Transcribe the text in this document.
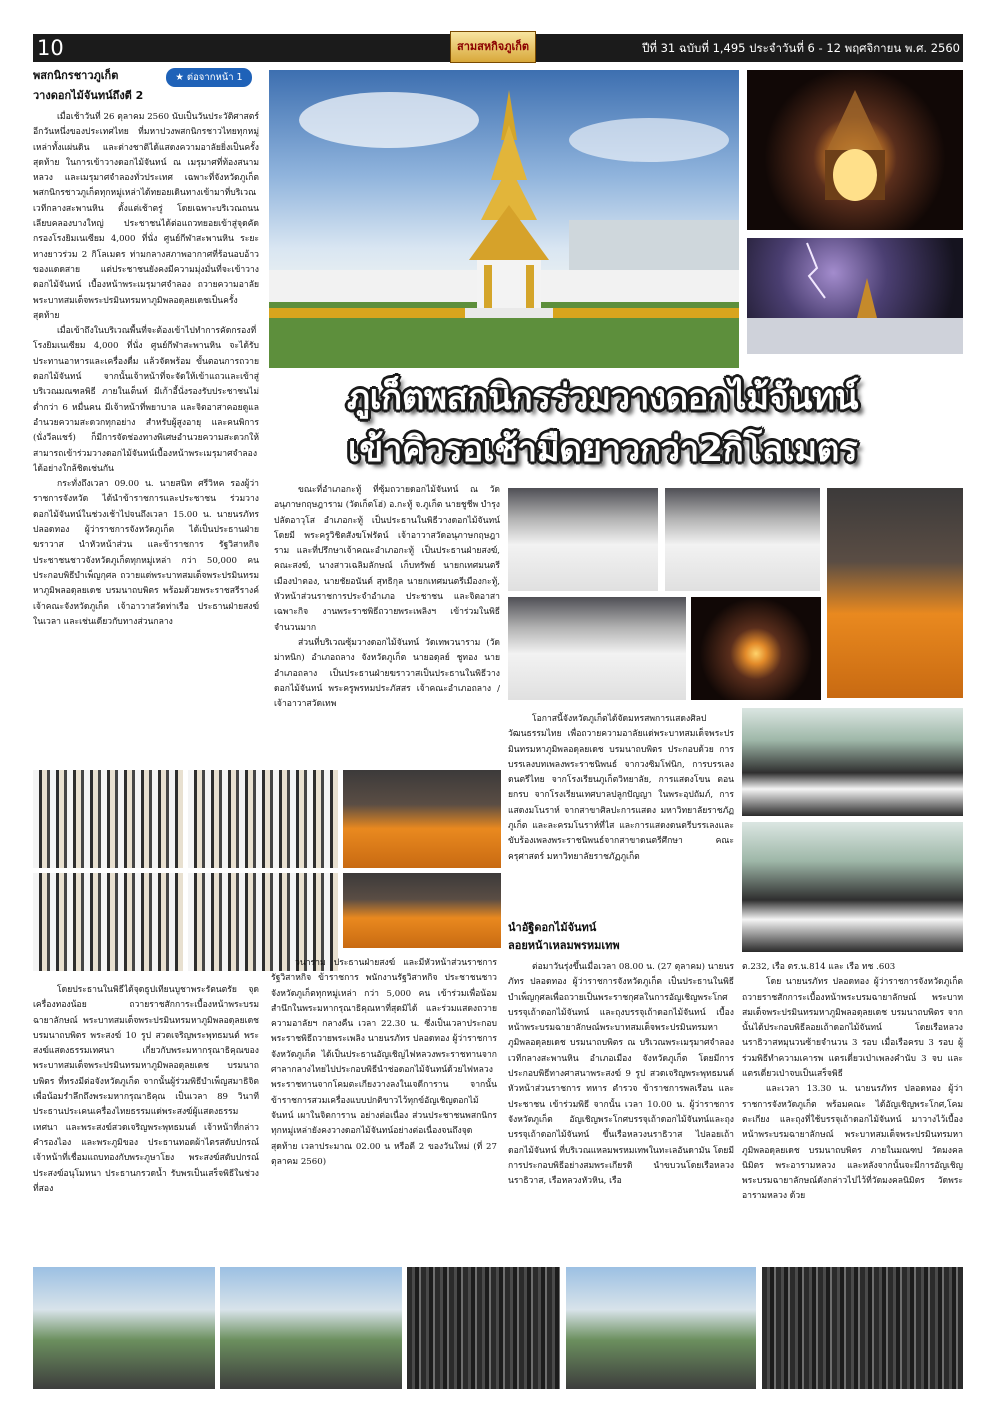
10	สามสหกิจภูเก็ต	ปีที่ 31 ฉบับที่ 1,495 ประจำวันที่ 6 - 12 พฤศจิกายน พ.ศ. 2560
พสกนิกรชาวภูเก็ต	★ ต่อจากหน้า 1
วางดอกไม้จันทน์ถึงตี 2

เมื่อเช้าวันที่ 26 ตุลาคม 2560 นับเป็นวันประวัติศาสตร์อีกวันหนึ่งของประเทศไทย ที่มหาปวงพสกนิกรชาวไทยทุกหมู่เหล่าทั้งแผ่นดิน และต่างชาติได้แสดงความอาลัยยิ่งเป็นครั้งสุดท้าย ในการเข้าวางดอกไม้จันทน์ ณ เมรุมาศที่ท้องสนามหลวง และเมรุมาศจำลองทั่วประเทศ เฉพาะที่จังหวัดภูเก็ต พสกนิกรชาวภูเก็ตทุกหมู่เหล่าได้ทยอยเดินทางเข้ามาที่บริเวณเวทีกลางสะพานหิน ตั้งแต่เช้าตรู่ โดยเฉพาะบริเวณถนนเลียบคลองบางใหญ่ ประชาชนได้ต่อแถวทยอยเข้าสู่จุดคัดกรองโรงยิมเนเซียม 4,000 ที่นั่ง ศูนย์กีฬาสะพานหิน ระยะทางยาวร่วม 2 กิโลเมตร ท่ามกลางสภาพอากาศที่ร้อนอบอ้าวของแดดสาย แต่ประชาชนยังคงมีความมุ่งมั่นที่จะเข้าวางดอกไม้จันทน์ เบื้องหน้าพระเมรุมาศจำลอง ถวายความอาลัย พระบาทสมเด็จพระปรมินทรมหาภูมิพลอดุลยเดชเป็นครั้งสุดท้าย

เมื่อเข้าถึงในบริเวณพื้นที่จะต้องเข้าไปทำการคัดกรองที่ โรงยิมเนเซียม 4,000 ที่นั่ง ศูนย์กีฬาสะพานหิน จะได้รับประทานอาหารและเครื่องดื่ม แล้วจัดพร้อม ขั้นตอนการถวายดอกไม้จันทน์ จากนั้นเจ้าหน้าที่จะจัดให้เข้าแถวและเข้าสู่บริเวณมณฑลพิธี ภายในเต็นท์ มีเก้าอี้นั่งรองรับประชาชนไม่ต่ำกว่า 6 หมื่นคน มีเจ้าหน้าที่พยาบาล และจิตอาสาคอยดูแลอำนวยความสะดวกทุกอย่าง สำหรับผู้สูงอายุ และคนพิการ (นั่งวีลแชร์) ก็มีการจัดช่องทางพิเศษอำนวยความสะดวกให้สามารถเข้าร่วมวางดอกไม้จันทน์เบื้องหน้าพระเมรุมาศจำลองได้อย่างใกล้ชิดเช่นกัน

กระทั่งถึงเวลา 09.00 น. นายสนิท ศรีวิหค รองผู้ว่าราชการจังหวัด ได้นำข้าราชการและประชาชน ร่วมวางดอกไม้จันทน์ในช่วงเช้าไปจนถึงเวลา 15.00 น. นายนรภัทร ปลอดทอง ผู้ว่าราชการจังหวัดภูเก็ต ได้เป็นประธานฝ่ายฆราวาส นำหัวหน้าส่วน และข้าราชการ รัฐวิสาหกิจ ประชาชนชาวจังหวัดภูเก็ตทุกหมู่เหล่า กว่า 50,000 คน ประกอบพิธีบำเพ็ญกุศล ถวายแด่พระบาทสมเด็จพระปรมินทรมหาภูมิพลอดุลยเดช บรมนาถบพิตร พร้อมด้วยพระราชสรีรางค์ เจ้าคณะจังหวัดภูเก็ต เจ้าอาวาสวัดท่าเรือ ประธานฝ่ายสงฆ์ ในเวลา และเช่นเดียวกับทางส่วนกลาง

ภูเก็ตพสกนิกรร่วมวางดอกไม้จันทน์
เข้าคิวรอเช้ามืดยาวกว่า2กิโลเมตร

ขณะที่อำเภอกะทู้ ที่ซุ้มถวายดอกไม้จันทน์ ณ วัดอนุภาษกฤษฎาราม (วัดเก็ตโฮ่) อ.กะทู้ จ.ภูเก็ต นายชูชีพ บำรุง ปลัดอาวุโส อำเภอกะทู้ เป็นประธานในพิธีวางดอกไม้จันทน์ โดยมี พระครูวิชิตสังฆโฟรัตน์ เจ้าอาวาสวัดอนุภาษกฤษฎาราม และที่ปรึกษาเจ้าคณะอำเภอกะทู้ เป็นประธานฝ่ายสงฆ์, คณะสงฆ์, นางสาวเฉลิมลักษณ์ เก็บทรัพย์ นายกเทศมนตรีเมืองป่าตอง, นายชัยอนันต์ สุทธิกุล นายกเทศมนตรีเมืองกะทู้, หัวหน้าส่วนราชการประจำอำเภอ ประชาชน และจิตอาสาเฉพาะกิจ งานพระราชพิธีถวายพระเพลิงฯ เข้าร่วมในพิธีจำนวนมาก

ส่วนที่บริเวณซุ้มวางดอกไม้จันทน์ วัดเทพวนาราม (วัดม่าหนิก) อำเภอถลาง จังหวัดภูเก็ต นายอดุลย์ ชูทอง นายอำเภอถลาง เป็นประธานฝ่ายฆราวาสเป็นประธานในพิธีวางดอกไม้จันทน์ พระครูพรหมประภัสสร เจ้าคณะอำเภอถลาง /เจ้าอาวาสวัดเทพ

โอกาสนี้จังหวัดภูเก็ตได้จัดมหรสพการแสดงศิลปวัฒนธรรมไทย เพื่อถวายความอาลัยแด่พระบาทสมเด็จพระปรมินทรมหาภูมิพลอดุลยเดช บรมนาถบพิตร ประกอบด้วย การบรรเลงบทเพลงพระราชนิพนธ์ จากวงซิมโฟนิก, การบรรเลงดนตรีไทย จากโรงเรียนภูเก็ตวิทยาลัย, การแสดงโขน ตอน ยกรบ จากโรงเรียนเทศบาลปลูกปัญญา ในพระอุปถัมภ์, การแสดงมโนราห์ จากสาขาศิลปะการแสดง มหาวิทยาลัยราชภัฏภูเก็ต และละครมโนราห์ที่ไส และการแสดงดนตรีบรรเลงและขับร้องเพลงพระราชนิพนธ์จากสาขาดนตรีศึกษา คณะครุศาสตร์ มหาวิทยาลัยราชภัฏภูเก็ต

นำอัฐิดอกไม้จันทน์
ลอยหน้าเหลมพรหมเทพ

โดยประธานในพิธีได้จุดธูปเทียนบูชาพระรัตนตรัย จุดเครื่องทองน้อย ถวายราชสักการะเบื้องหน้าพระบรมฉายาลักษณ์ พระบาทสมเด็จพระปรมินทรมหาภูมิพลอดุลยเดช บรมนาถบพิตร พระสงฆ์ 10 รูป สวดเจริญพระพุทธมนต์ พระสงฆ์แสดงธรรมเทศนา เกี่ยวกับพระมหากรุณาธิคุณของพระบาทสมเด็จพระปรมินทรมหาภูมิพลอดุลยเดช บรมนาถบพิตร ที่ทรงมีต่อจังหวัดภูเก็ต จากนั้นผู้ร่วมพิธีบำเพ็ญสมาธิจิต เพื่อน้อมรำลึกถึงพระมหากรุณาธิคุณ เป็นเวลา 89 วินาที ประธานประเคนเครื่องไทยธรรมแด่พระสงฆ์ผู้แสดงธรรมเทศนา และพระสงฆ์สวดเจริญพระพุทธมนต์ เจ้าหน้าที่กล่าวคำรองไอง และพระภูมิของ ประธานทอดผ้าไตรสดับปกรณ์ เจ้าหน้าที่เชื่อมแถบทองกับพระภูษาโยง พระสงฆ์สดับปกรณ์ ประสงฆ์อนุโมทนา ประธานกรวดน้ำ รับพรเป็นเสร็จพิธีในช่วงที่สอง

วนาราม ประธานฝ่ายสงฆ์ และมีหัวหน้าส่วนราชการ รัฐวิสาหกิจ ข้าราชการ พนักงานรัฐวิสาหกิจ ประชาชนชาวจังหวัดภูเก็ตทุกหมู่เหล่า กว่า 5,000 คน เข้าร่วมเพื่อน้อมสำนึกในพระมหากรุณาธิคุณหาที่สุดมิได้ และร่วมแสดงถวายความอาลัยฯ กลางคืน เวลา 22.30 น. ซึ่งเป็นเวลาประกอบพระราชพิธีถวายพระเพลิง นายนรภัทร ปลอดทอง ผู้ว่าราชการจังหวัดภูเก็ต ได้เป็นประธานอัญเชิญไฟหลวงพระราชทานจากศาลากลางไทยไปประกอบพิธีนำช่อดอกไม้จันทน์ด้วยไฟหลวงพระราชทานจากโคมตะเกียงวางลงในเจดีการาน จากนั้นข้าราชการสวมเครื่องแบบปกติขาวไว้ทุกข์อัญเชิญดอกไม้จันทน์ เผาในจิตการาน อย่างต่อเนื่อง ส่วนประชาชนพสกนิกรทุกหมู่เหล่ายังคงวางดอกไม้จันทน์อย่างต่อเนื่องจนถึงจุดสุดท้าย เวลาประมาณ 02.00 น หรือตี 2 ของวันใหม่ (ที่ 27 ตุลาคม 2560)

ต่อมาวันรุ่งขึ้นเมื่อเวลา 08.00 น. (27 ตุลาคม) นายนรภัทร ปลอดทอง ผู้ว่าราชการจังหวัดภูเก็ต เป็นประธานในพิธีบำเพ็ญกุศลเพื่อถวายเป็นพระราชกุศลในการอัญเชิญพระโกศบรรจุเถ้าดอกไม้จันทน์ และถุงบรรจุเถ้าดอกไม้จันทน์ เบื้องหน้าพระบรมฉายาลักษณ์พระบาทสมเด็จพระปรมินทรมหาภูมิพลอดุลยเดช บรมนาถบพิตร ณ บริเวณพระเมรุมาศจำลอง เวทีกลางสะพานหิน อำเภอเมือง จังหวัดภูเก็ต โดยมีการประกอบพิธีทางศาสนาพระสงฆ์ 9 รูป สวดเจริญพระพุทธมนต์ หัวหน้าส่วนราชการ ทหาร ตำรวจ ข้าราชการพลเรือน และประชาชน เข้าร่วมพิธี จากนั้น เวลา 10.00 น. ผู้ว่าราชการจังหวัดภูเก็ต อัญเชิญพระโกศบรรจุเถ้าดอกไม้จันทน์และถุงบรรจุเถ้าดอกไม้จันทน์ ขึ้นเรือหลวงนราธิวาส ไปลอยเถ้าดอกไม้จันทน์ ที่บริเวณแหลมพรหมเทพในทะเลอันดามัน โดยมีการประกอบพิธีอย่างสมพระเกียรติ นำขบวนโดยเรือหลวงนราธิวาส, เรือหลวงหัวหิน, เรือ

ต.232, เรือ ตร.น.814 และ เรือ ทช .603

โดย นายนรภัทร ปลอดทอง ผู้ว่าราชการจังหวัดภูเก็ต ถวายราชสักการะเบื้องหน้าพระบรมฉายาลักษณ์ พระบาทสมเด็จพระปรมินทรมหาภูมิพลอดุลยเดช บรมนาถบพิตร จากนั้นได้ประกอบพิธีลอยเถ้าดอกไม้จันทน์ โดยเรือหลวงนราธิวาสหมุนวนซ้ายจำนวน 3 รอบ เมื่อเรือครบ 3 รอบ ผู้ร่วมพิธีทำความเคารพ แตรเดี่ยวเป่าเพลงคำนับ 3 จบ และแตรเดี่ยวเป่าจบเป็นเสร็จพิธี

และเวลา 13.30 น. นายนรภัทร ปลอดทอง ผู้ว่าราชการจังหวัดภูเก็ต พร้อมคณะ ได้อัญเชิญพระโกศ,โคมตะเกียง และถุงที่ใช้บรรจุเถ้าดอกไม้จันทน์ มาวางไว้เบื้องหน้าพระบรมฉายาลักษณ์ พระบาทสมเด็จพระปรมินทรมหาภูมิพลอดุลยเดช บรมนาถบพิตร ภายในมณฑป วัดมงคลนิมิตร พระอารามหลวง และหลังจากนั้นจะมีการอัญเชิญพระบรมฉายาลักษณ์ดังกล่าวไปไว้ที่วัดมงคลนิมิตร วัดพระอารามหลวง ด้วย
